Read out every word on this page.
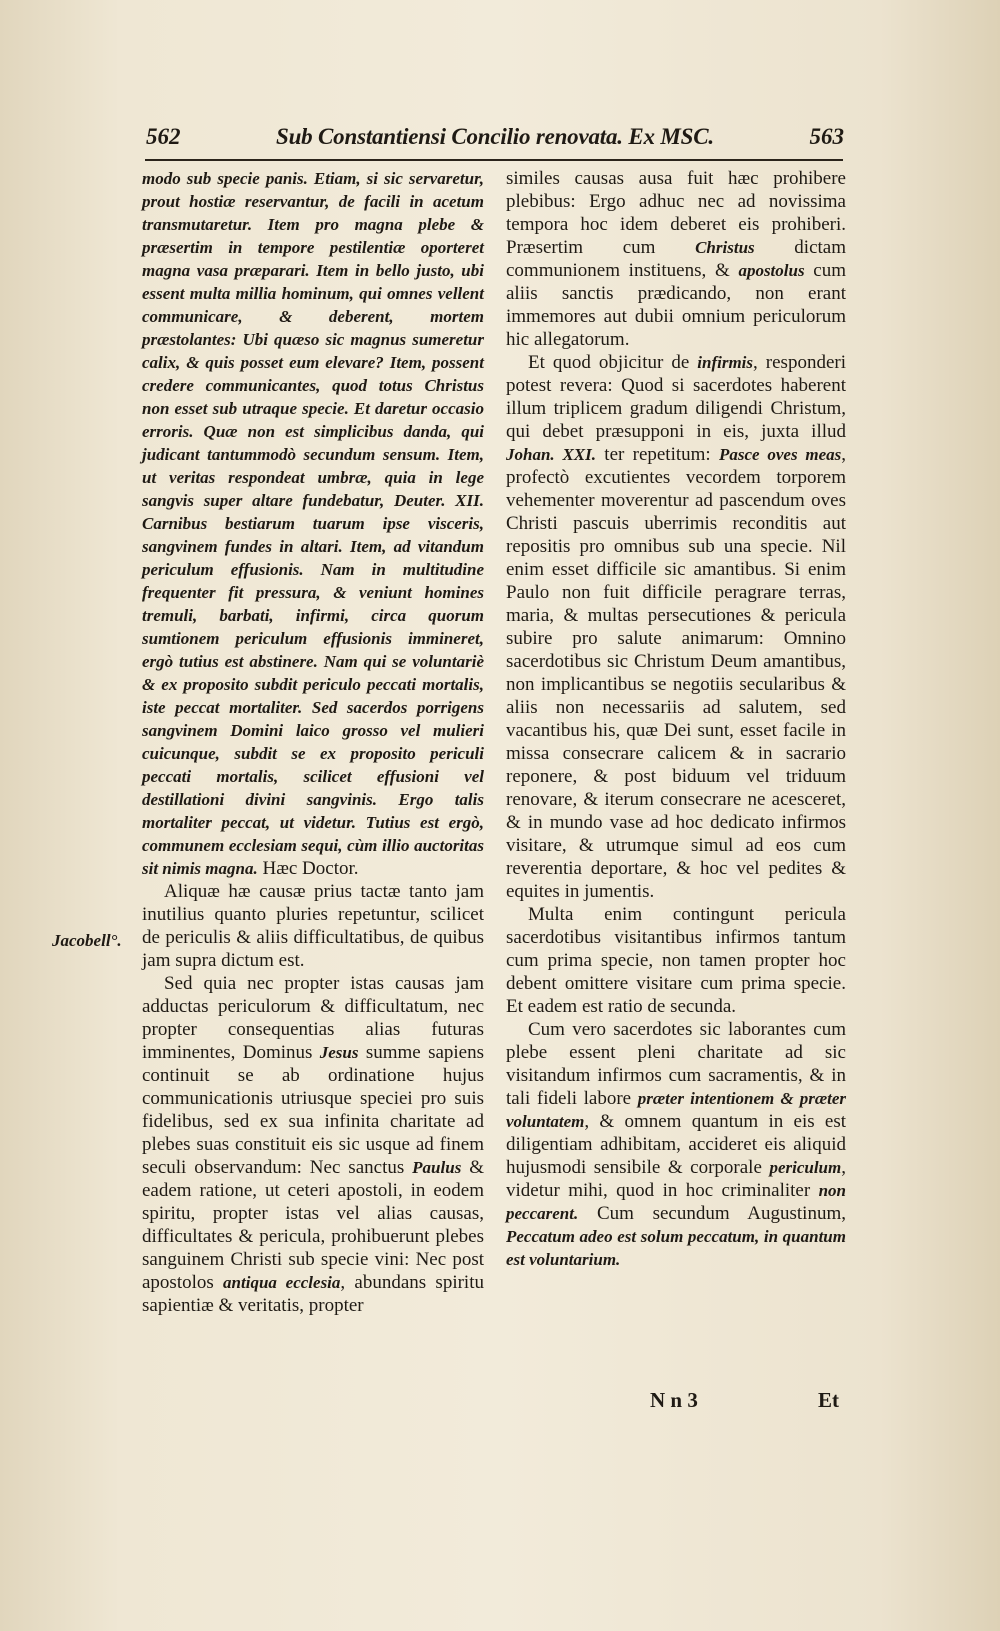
562	Sub Constantiensi Concilio renovata. Ex MSC.	563
Jacobell°.

modo sub specie panis. Etiam, si sic servaretur, prout hostiæ reservantur, de facili in acetum transmutaretur. Item pro magna plebe & præsertim in tempore pestilentiæ oporteret magna vasa præparari. Item in bello justo, ubi essent multa millia hominum, qui omnes vellent communicare, & deberent, mortem præstolantes: Ubi quæso sic magnus sumeretur calix, & quis posset eum elevare? Item, possent credere communicantes, quod totus Christus non esset sub utraque specie. Et daretur occasio erroris. Quæ non est simplicibus danda, qui judicant tantummodò secundum sensum. Item, ut veritas respondeat umbræ, quia in lege sangvis super altare fundebatur, Deuter. XII. Carnibus bestiarum tuarum ipse visceris, sangvinem fundes in altari. Item, ad vitandum periculum effusionis. Nam in multitudine frequenter fit pressura, & veniunt homines tremuli, barbati, infirmi, circa quorum sumtionem periculum effusionis immineret, ergò tutius est abstinere. Nam qui se voluntariè & ex proposito subdit periculo peccati mortalis, iste peccat mortaliter. Sed sacerdos porrigens sangvinem Domini laico grosso vel mulieri cuicunque, subdit se ex proposito periculi peccati mortalis, scilicet effusioni vel destillationi divini sangvinis. Ergo talis mortaliter peccat, ut videtur. Tutius est ergò, communem ecclesiam sequi, cùm illio auctoritas sit nimis magna. Hæc Doctor.

Aliquæ hæ causæ prius tactæ tanto jam inutilius quanto pluries repetuntur, scilicet de periculis & aliis difficultatibus, de quibus jam supra dictum est.

Sed quia nec propter istas causas jam adductas periculorum & difficultatum, nec propter consequentias alias futuras imminentes, Dominus Jesus summe sapiens continuit se ab ordinatione hujus communicationis utriusque speciei pro suis fidelibus, sed ex sua infinita charitate ad plebes suas constituit eis sic usque ad finem seculi observandum: Nec sanctus Paulus & eadem ratione, ut ceteri apostoli, in eodem spiritu, propter istas vel alias causas, difficultates & pericula, prohibuerunt plebes sanguinem Christi sub specie vini: Nec post apostolos antiqua ecclesia, abundans spiritu sapientiæ & veritatis, propter

similes causas ausa fuit hæc prohibere plebibus: Ergo adhuc nec ad novissima tempora hoc idem deberet eis prohiberi. Præsertim cum Christus dictam communionem instituens, & apostolus cum aliis sanctis prædicando, non erant immemores aut dubii omnium periculorum hic allegatorum.

Et quod objicitur de infirmis, responderi potest revera: Quod si sacerdotes haberent illum triplicem gradum diligendi Christum, qui debet præsupponi in eis, juxta illud Johan. XXI. ter repetitum: Pasce oves meas, profectò excutientes vecordem torporem vehementer moverentur ad pascendum oves Christi pascuis uberrimis reconditis aut repositis pro omnibus sub una specie. Nil enim esset difficile sic amantibus. Si enim Paulo non fuit difficile peragrare terras, maria, & multas persecutiones & pericula subire pro salute animarum: Omnino sacerdotibus sic Christum Deum amantibus, non implicantibus se negotiis secularibus & aliis non necessariis ad salutem, sed vacantibus his, quæ Dei sunt, esset facile in missa consecrare calicem & in sacrario reponere, & post biduum vel triduum renovare, & iterum consecrare ne acesceret, & in mundo vase ad hoc dedicato infirmos visitare, & utrumque simul ad eos cum reverentia deportare, & hoc vel pedites & equites in jumentis.

Multa enim contingunt pericula sacerdotibus visitantibus infirmos tantum cum prima specie, non tamen propter hoc debent omittere visitare cum prima specie. Et eadem est ratio de secunda.

Cum vero sacerdotes sic laborantes cum plebe essent pleni charitate ad sic visitandum infirmos cum sacramentis, & in tali fideli labore præter intentionem & præter voluntatem, & omnem quantum in eis est diligentiam adhibitam, accideret eis aliquid hujusmodi sensibile & corporale periculum, videtur mihi, quod in hoc criminaliter non peccarent. Cum secundum Augustinum, Peccatum adeo est solum peccatum, in quantum est voluntarium.

N n 3	Et
